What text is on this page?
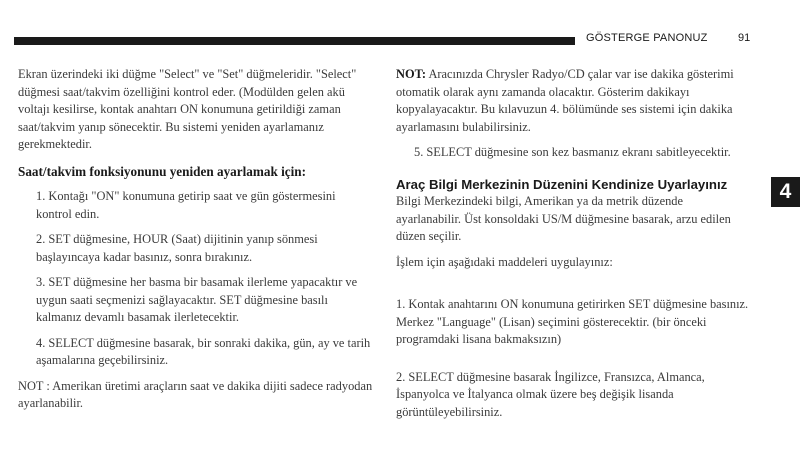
GÖSTERGE PANONUZ	91
4

Ekran üzerindeki iki düğme "Select" ve "Set" düğmeleridir. "Select" düğmesi saat/takvim özelliğini kontrol eder. (Modülden gelen akü voltajı kesilirse, kontak anahtarı ON konumuna getirildiği zaman saat/takvim yanıp sönecektir. Bu sistemi yeniden ayarlamanız gerekmektedir.

Saat/takvim fonksiyonunu yeniden ayarlamak için:

1. Kontağı "ON" konumuna getirip saat ve gün göstermesini kontrol edin.

2. SET düğmesine, HOUR (Saat) dijitinin yanıp sönmesi başlayıncaya kadar basınız, sonra bırakınız.

3. SET düğmesine her basma bir basamak ilerleme yapacaktır ve uygun saati seçmenizi sağlayacaktır. SET düğmesine basılı kalmanız devamlı basamak ilerletecektir.

4. SELECT düğmesine basarak, bir sonraki dakika, gün, ay ve tarih aşamalarına geçebilirsiniz.

NOT : Amerikan üretimi araçların saat ve dakika dijiti sadece radyodan ayarlanabilir.

NOT: Aracınızda Chrysler Radyo/CD çalar var ise dakika gösterimi otomatik olarak aynı zamanda olacaktır. Gösterim dakikayı kopyalayacaktır. Bu kılavuzun 4. bölümünde ses sistemi için dakika ayarlamasını bulabilirsiniz.

5. SELECT düğmesine son kez basmanız ekranı sabitleyecektir.

Araç Bilgi Merkezinin Düzenini Kendinize Uyarlayınız

Bilgi Merkezindeki bilgi, Amerikan ya da metrik düzende ayarlanabilir. Üst konsoldaki US/M düğmesine basarak, arzu edilen düzen seçilir.

İşlem için aşağıdaki maddeleri uygulayınız:

1. Kontak anahtarını ON konumuna getirirken SET düğmesine basınız. Merkez "Language" (Lisan) seçimini gösterecektir. (bir önceki programdaki lisana bakmaksızın)

2. SELECT düğmesine basarak İngilizce, Fransızca, Almanca, İspanyolca ve İtalyanca olmak üzere beş değişik lisanda görüntüleyebilirsiniz.
